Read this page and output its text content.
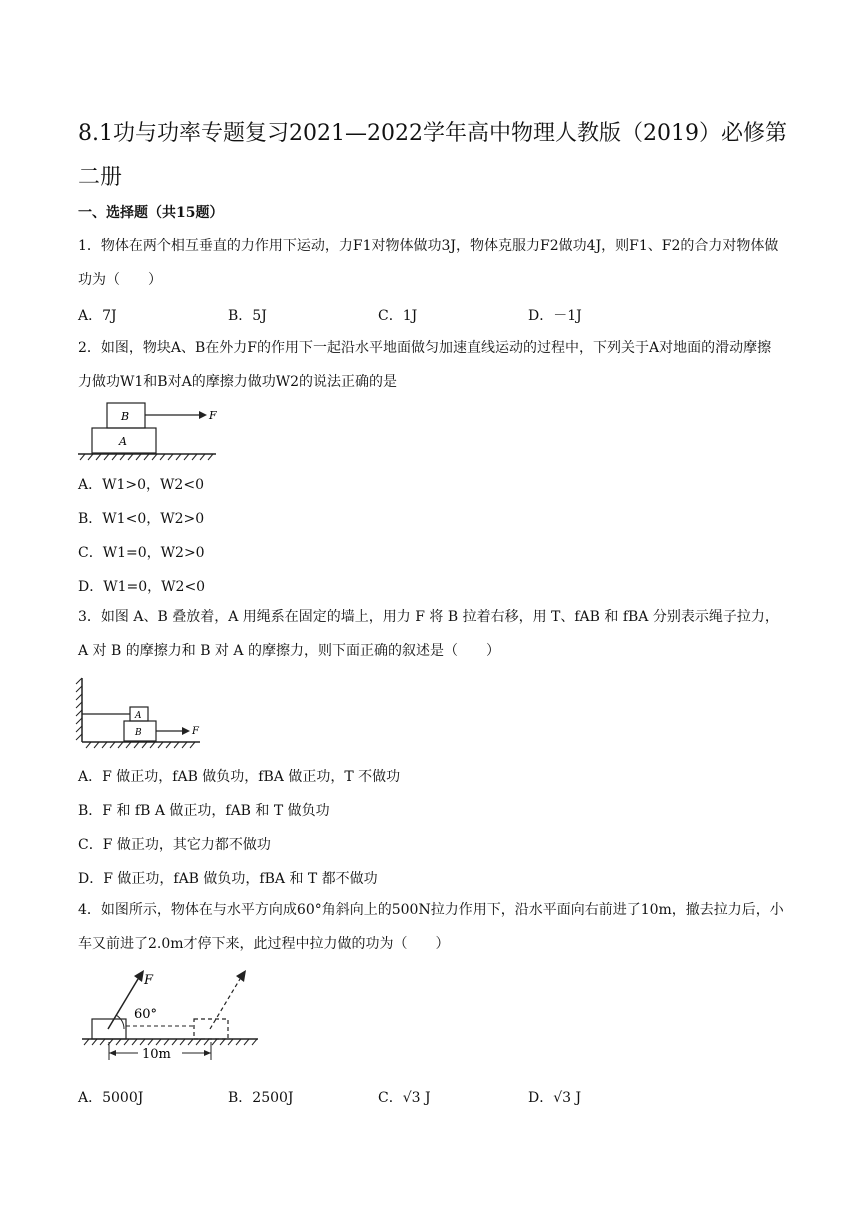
8.1功与功率专题复习2021—2022学年高中物理人教版（2019）必修第二册
一、选择题（共15题）
1．物体在两个相互垂直的力作用下运动，力F1对物体做功3J，物体克服力F2做功4J，则F1、F2的合力对物体做功为（　　）
A．7J	B．5J	C．1J	D．－1J
2．如图，物块A、B在外力F的作用下一起沿水平地面做匀加速直线运动的过程中，下列关于A对地面的滑动摩擦力做功W1和B对A的摩擦力做功W2的说法正确的是
B
A
F
A．W1>0，W2<0
B．W1<0，W2>0
C．W1=0，W2>0
D．W1=0，W2<0
3．如图 A、B 叠放着，A 用绳系在固定的墙上，用力 F 将 B 拉着右移，用 T、fAB 和 fBA 分别表示绳子拉力，A 对 B 的摩擦力和 B 对 A 的摩擦力，则下面正确的叙述是（　　）
A
B	F
A．F 做正功，fAB 做负功，fBA 做正功，T 不做功
B．F 和 fB A 做正功，fAB 和 T 做负功
C．F 做正功，其它力都不做功
D．F 做正功，fAB 做负功，fBA 和 T 都不做功
4．如图所示，物体在与水平方向成60°角斜向上的500N拉力作用下，沿水平面向右前进了10m，撤去拉力后，小车又前进了2.0m才停下来，此过程中拉力做的功为（　　）
10m
F
60°
A．5000J	B．2500J	C．√3 J	D．√3 J
